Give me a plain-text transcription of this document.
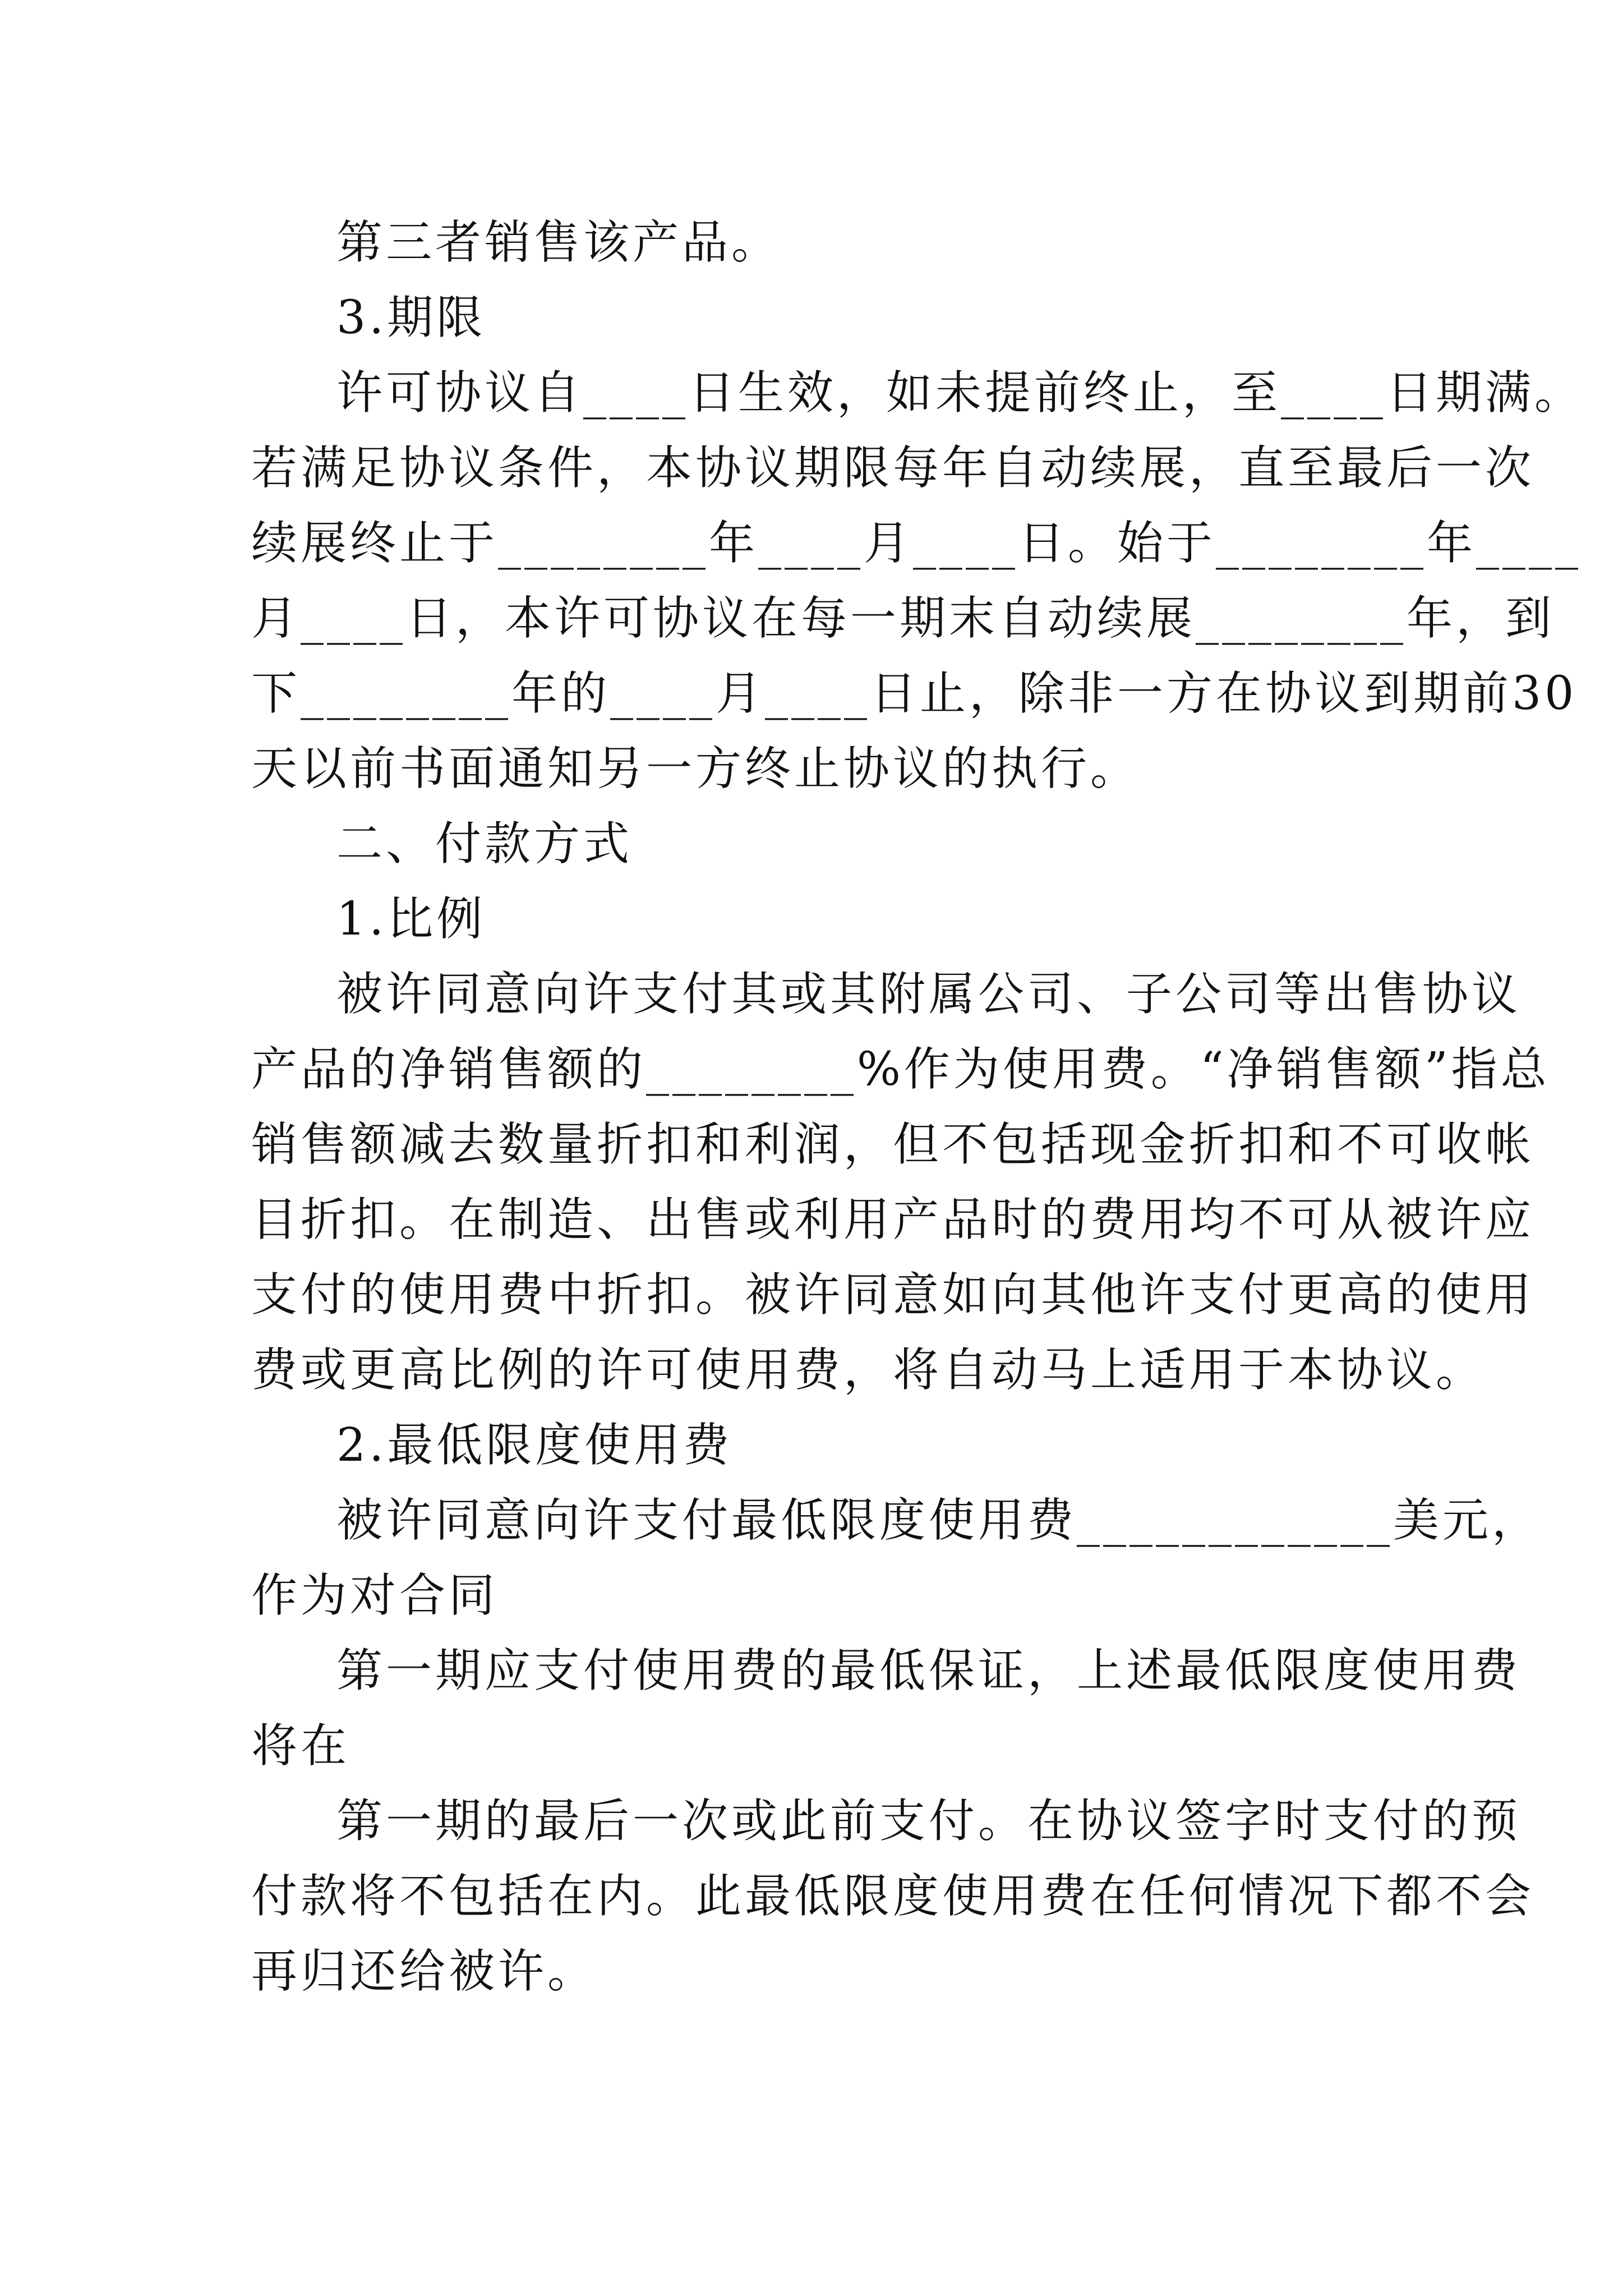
第三者销售该产品。
3.期限
许可协议自____日生效，如未提前终止，至____日期满。
若满足协议条件，本协议期限每年自动续展，直至最后一次
续展终止于________年____月____日。始于________年____
月____日，本许可协议在每一期末自动续展________年，到
下________年的____月____日止，除非一方在协议到期前30
天以前书面通知另一方终止协议的执行。
二、付款方式
1.比例
被许同意向许支付其或其附属公司、子公司等出售协议
产品的净销售额的________%作为使用费。“净销售额”指总
销售额减去数量折扣和利润，但不包括现金折扣和不可收帐
目折扣。在制造、出售或利用产品时的费用均不可从被许应
支付的使用费中折扣。被许同意如向其他许支付更高的使用
费或更高比例的许可使用费，将自动马上适用于本协议。
2.最低限度使用费
被许同意向许支付最低限度使用费____________美元，
作为对合同
第一期应支付使用费的最低保证，上述最低限度使用费
将在
第一期的最后一次或此前支付。在协议签字时支付的预
付款将不包括在内。此最低限度使用费在任何情况下都不会
再归还给被许。
